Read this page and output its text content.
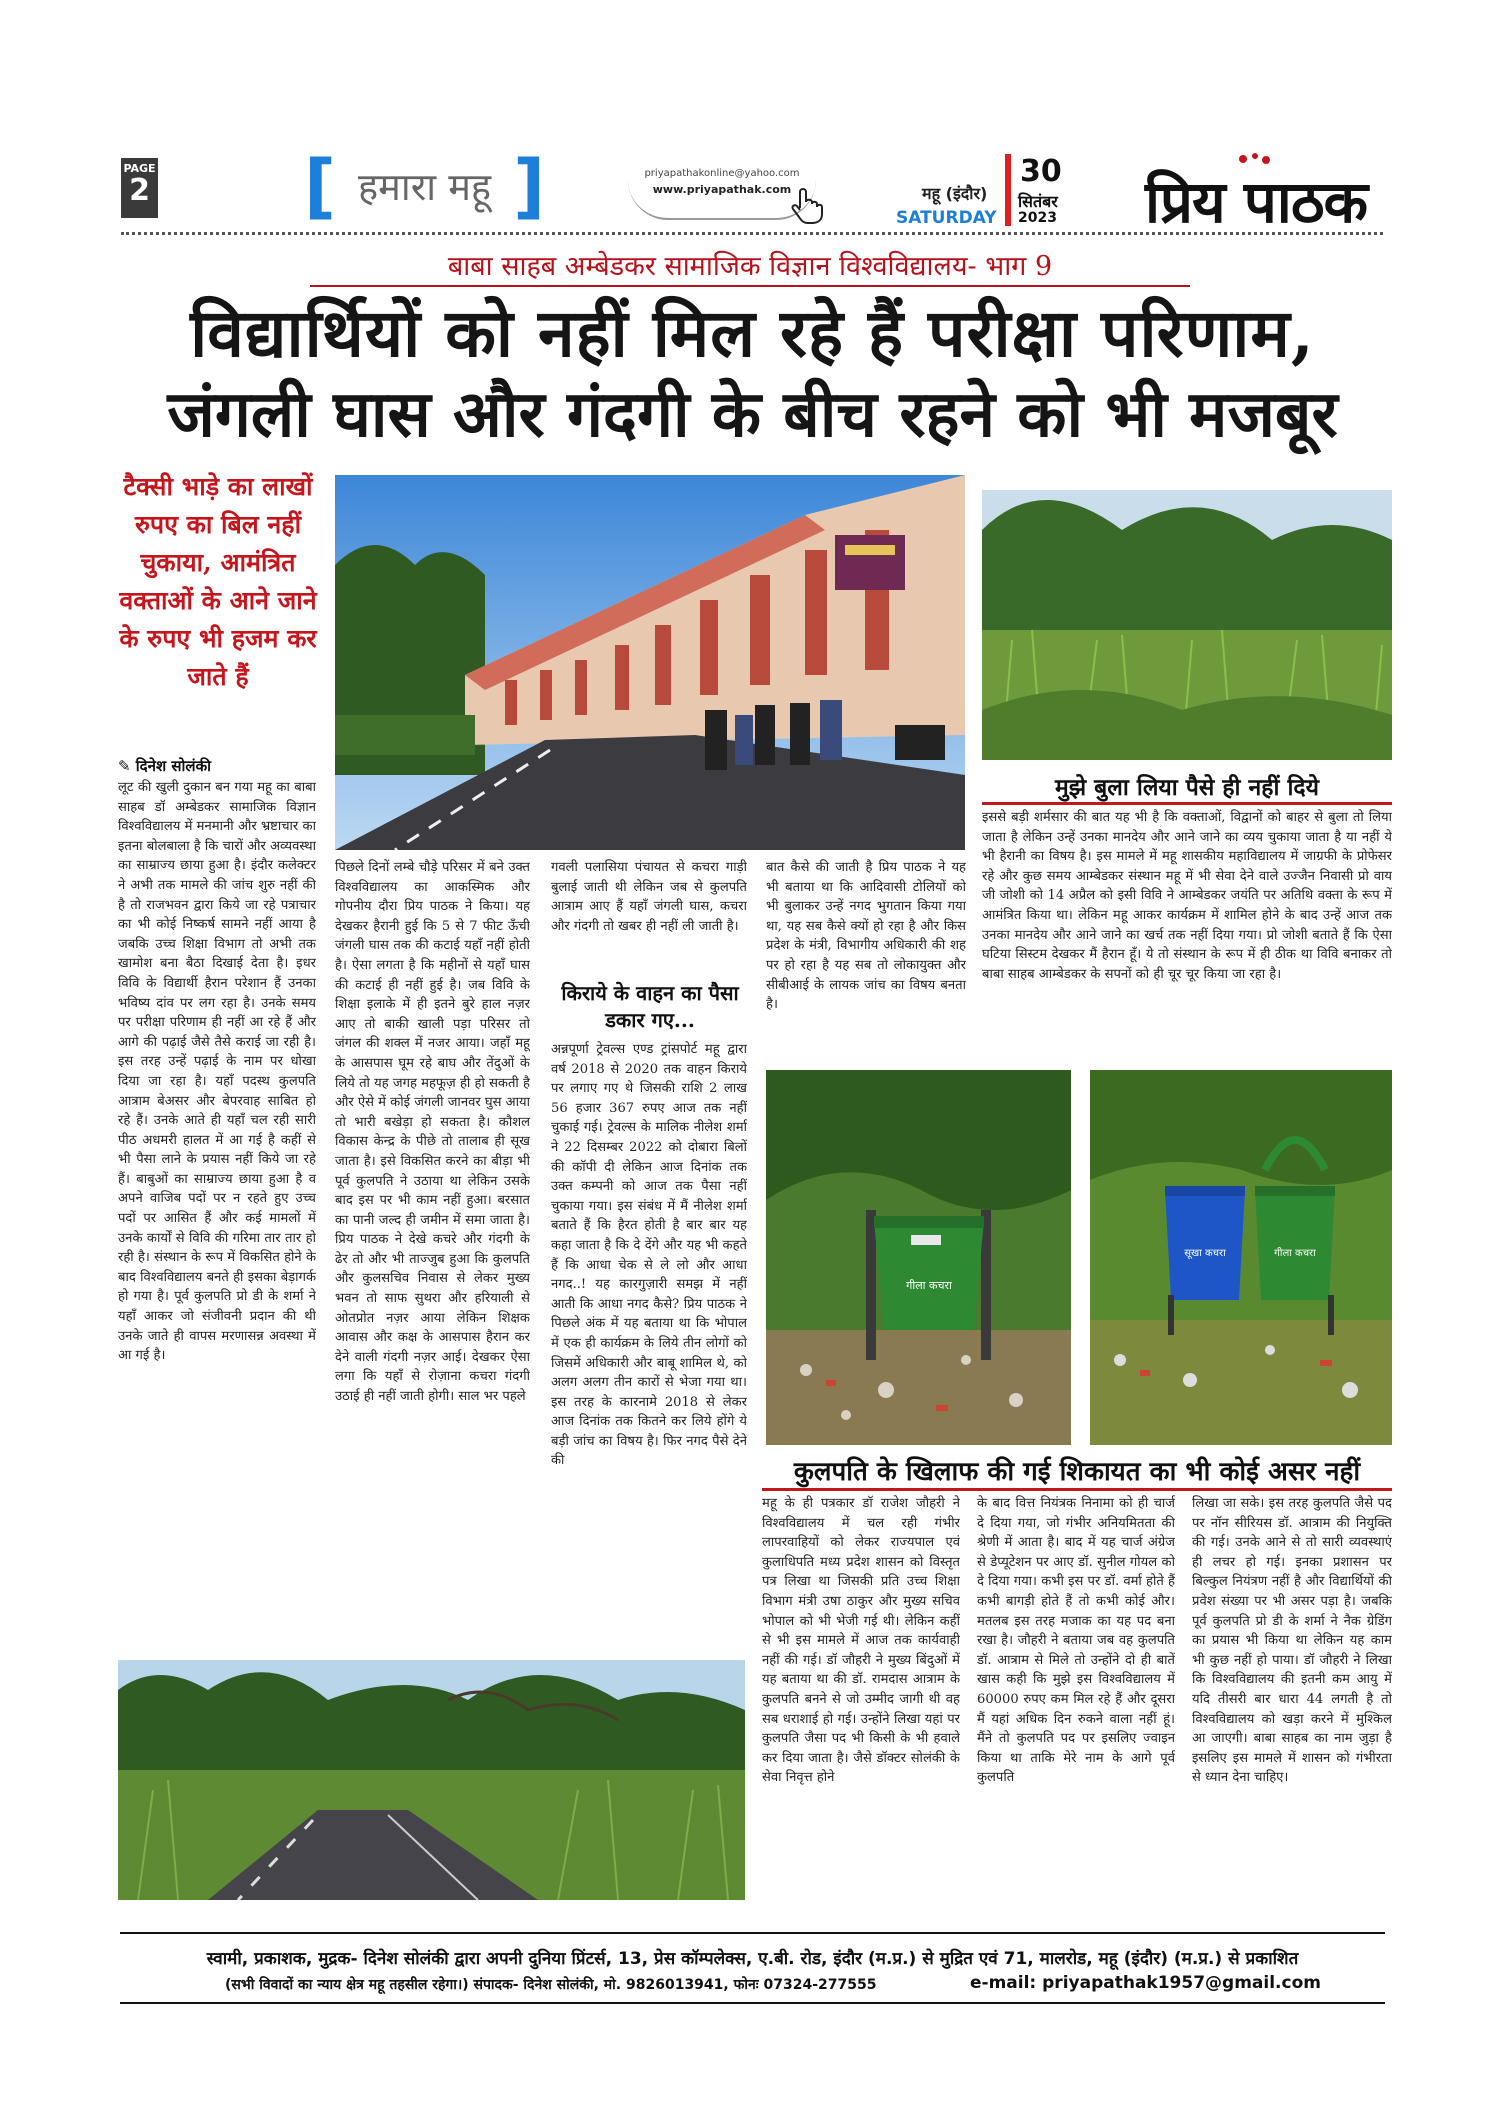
PAGE
2 [ हमारा महू ]	priyapathakonline@yahoo.com
www.priyapathak.com	महू (इंदौर)
SATURDAY
30
सितंबर
2023 प्रिय पाठक
बाबा साहब अम्बेडकर सामाजिक विज्ञान विश्वविद्यालय- भाग 9
विद्यार्थियों को नहीं मिल रहे हैं परीक्षा परिणाम,
जंगली घास और गंदगी के बीच रहने को भी मजबूर
टैक्सी भाड़े का लाखों रुपए का बिल नहीं चुकाया, आमंत्रित वक्ताओं के आने जाने के रुपए भी हजम कर जाते हैं
✎ दिनेश सोलंकी
लूट की खुली दुकान बन गया महू का बाबा साहब डॉ अम्बेडकर सामाजिक विज्ञान विश्वविद्यालय में मनमानी और भ्रष्टाचार का इतना बोलबाला है कि चारों और अव्यवस्था का साम्राज्य छाया हुआ है। इंदौर कलेक्टर ने अभी तक मामले की जांच शुरु नहीं की है तो राजभवन द्वारा किये जा रहे पत्राचार का भी कोई निष्कर्ष सामने नहीं आया है जबकि उच्च शिक्षा विभाग तो अभी तक खामोश बना बैठा दिखाई देता है। इधर विवि के विद्यार्थी हैरान परेशान हैं उनका भविष्य दांव पर लग रहा है। उनके समय पर परीक्षा परिणाम ही नहीं आ रहे हैं और आगे की पढ़ाई जैसे तैसे कराई जा रही है। इस तरह उन्हें पढ़ाई के नाम पर धोखा दिया जा रहा है। यहाँ पदस्थ कुलपति आत्राम बेअसर और बेपरवाह साबित हो रहे हैं। उनके आते ही यहाँ चल रही सारी पीठ अधमरी हालत में आ गई है कहीं से भी पैसा लाने के प्रयास नहीं किये जा रहे हैं। बाबुओं का साम्राज्य छाया हुआ है व अपने वाजिब पदों पर न रहते हुए उच्च पदों पर आसित हैं और कई मामलों में उनके कार्यों से विवि की गरिमा तार तार हो रही है। संस्थान के रूप में विकसित होने के बाद विश्वविद्यालय बनते ही इसका बेड़ागर्क हो गया है। पूर्व कुलपति प्रो डी के शर्मा ने यहाँ आकर जो संजीवनी प्रदान की थी उनके जाते ही वापस मरणासन्न अवस्था में आ गई है।
पिछले दिनों लम्बे चौड़े परिसर में बने उक्त विश्वविद्यालय का आकस्मिक और गोपनीय दौरा प्रिय पाठक ने किया। यह देखकर हैरानी हुई कि 5 से 7 फीट ऊँची जंगली घास तक की कटाई यहाँ नहीं होती है। ऐसा लगता है कि महीनों से यहाँ घास की कटाई ही नहीं हुई है। जब विवि के शिक्षा इलाके में ही इतने बुरे हाल नज़र आए तो बाकी खाली पड़ा परिसर तो जंगल की शक्ल में नजर आया। जहाँ महू के आसपास घूम रहे बाघ और तेंदुओं के लिये तो यह जगह महफूज़ ही हो सकती है और ऐसे में कोई जंगली जानवर घुस आया तो भारी बखेड़ा हो सकता है। कौशल विकास केन्द्र के पीछे तो तालाब ही सूख जाता है। इसे विकसित करने का बीड़ा भी पूर्व कुलपति ने उठाया था लेकिन उसके बाद इस पर भी काम नहीं हुआ। बरसात का पानी जल्द ही जमीन में समा जाता है। प्रिय पाठक ने देखे कचरे और गंदगी के ढेर तो और भी ताज्जुब हुआ कि कुलपति और कुलसचिव निवास से लेकर मुख्य भवन तो साफ सुथरा और हरियाली से ओतप्रोत नज़र आया लेकिन शिक्षक आवास और कक्ष के आसपास हैरान कर देने वाली गंदगी नज़र आई। देखकर ऐसा लगा कि यहाँ से रोज़ाना कचरा गंदगी उठाई ही नहीं जाती होगी। साल भर पहले
गवली पलासिया पंचायत से कचरा गाड़ी बुलाई जाती थी लेकिन जब से कुलपति आत्राम आए हैं यहाँ जंगली घास, कचरा और गंदगी तो खबर ही नहीं ली जाती है।
किराये के वाहन का पैसा डकार गए...
अन्नपूर्णा ट्रेवल्स एण्ड ट्रांसपोर्ट महू द्वारा वर्ष 2018 से 2020 तक वाहन किराये पर लगाए गए थे जिसकी राशि 2 लाख 56 हजार 367 रुपए आज तक नहीं चुकाई गई। ट्रेवल्स के मालिक नीलेश शर्मा ने 22 दिसम्बर 2022 को दोबारा बिलों की कॉपी दी लेकिन आज दिनांक तक उक्त कम्पनी को आज तक पैसा नहीं चुकाया गया। इस संबंध में मैं नीलेश शर्मा बताते हैं कि हैरत होती है बार बार यह कहा जाता है कि दे देंगे और यह भी कहते हैं कि आधा चेक से ले लो और आधा नगद..! यह कारगुज़ारी समझ में नहीं आती कि आधा नगद कैसे? प्रिय पाठक ने पिछले अंक में यह बताया था कि भोपाल में एक ही कार्यक्रम के लिये तीन लोगों को जिसमें अधिकारी और बाबू शामिल थे, को अलग अलग तीन कारों से भेजा गया था। इस तरह के कारनामे 2018 से लेकर आज दिनांक तक कितने कर लिये होंगे ये बड़ी जांच का विषय है। फिर नगद पैसे देने की
बात कैसे की जाती है प्रिय पाठक ने यह भी बताया था कि आदिवासी टोलियों को भी बुलाकर उन्हें नगद भुगतान किया गया था, यह सब कैसे क्यों हो रहा है और किस प्रदेश के मंत्री, विभागीय अधिकारी की शह पर हो रहा है यह सब तो लोकायुक्त और सीबीआई के लायक जांच का विषय बनता है।
मुझे बुला लिया पैसे ही नहीं दिये
इससे बड़ी शर्मसार की बात यह भी है कि वक्ताओं, विद्वानों को बाहर से बुला तो लिया जाता है लेकिन उन्हें उनका मानदेय और आने जाने का व्यय चुकाया जाता है या नहीं ये भी हैरानी का विषय है। इस मामले में महू शासकीय महाविद्यालय में जाग्रफी के प्रोफेसर रहे और कुछ समय आम्बेडकर संस्थान महू में भी सेवा देने वाले उज्जैन निवासी प्रो वाय जी जोशी को 14 अप्रैल को इसी विवि ने आम्बेडकर जयंति पर अतिथि वक्ता के रूप में आमंत्रित किया था। लेकिन महू आकर कार्यक्रम में शामिल होने के बाद उन्हें आज तक उनका मानदेय और आने जाने का खर्च तक नहीं दिया गया। प्रो जोशी बताते हैं कि ऐसा घटिया सिस्टम देखकर मैं हैरान हूँ। ये तो संस्थान के रूप में ही ठीक था विवि बनाकर तो बाबा साहब आम्बेडकर के सपनों को ही चूर चूर किया जा रहा है।
गीला कचरा
सूखा कचरा	गीला कचरा
कुलपति के खिलाफ की गई शिकायत का भी कोई असर नहीं
महू के ही पत्रकार डॉ राजेश जौहरी ने विश्वविद्यालय में चल रही गंभीर लापरवाहियों को लेकर राज्यपाल एवं कुलाधिपति मध्य प्रदेश शासन को विस्तृत पत्र लिखा था जिसकी प्रति उच्च शिक्षा विभाग मंत्री उषा ठाकुर और मुख्य सचिव भोपाल को भी भेजी गई थी। लेकिन कहीं से भी इस मामले में आज तक कार्यवाही नहीं की गई। डॉ जौहरी ने मुख्य बिंदुओं में यह बताया था की डॉ. रामदास आत्राम के कुलपति बनने से जो उम्मीद जागी थी वह सब धराशाई हो गई। उन्होंने लिखा यहां पर कुलपति जैसा पद भी किसी के भी हवाले कर दिया जाता है। जैसे डॉक्टर सोलंकी के सेवा निवृत्त होने
के बाद वित्त नियंत्रक निनामा को ही चार्ज दे दिया गया, जो गंभीर अनियमितता की श्रेणी में आता है। बाद में यह चार्ज अंग्रेज से डेप्यूटेशन पर आए डॉ. सुनील गोयल को दे दिया गया। कभी इस पर डॉ. वर्मा होते हैं कभी बागड़ी होते हैं तो कभी कोई और। मतलब इस तरह मजाक का यह पद बना रखा है। जौहरी ने बताया जब वह कुलपति डॉ. आत्राम से मिले तो उन्होंने दो ही बातें खास कही कि मुझे इस विश्वविद्यालय में 60000 रुपए कम मिल रहे हैं और दूसरा मैं यहां अधिक दिन रुकने वाला नहीं हूं। मैंने तो कुलपति पद पर इसलिए ज्वाइन किया था ताकि मेरे नाम के आगे पूर्व कुलपति
लिखा जा सके। इस तरह कुलपति जैसे पद पर नॉन सीरियस डॉ. आत्राम की नियुक्ति की गई। उनके आने से तो सारी व्यवस्थाएं ही लचर हो गई। इनका प्रशासन पर बिल्कुल नियंत्रण नहीं है और विद्यार्थियों की प्रवेश संख्या पर भी असर पड़ा है। जबकि पूर्व कुलपति प्रो डी के शर्मा ने नैक ग्रेडिंग का प्रयास भी किया था लेकिन यह काम भी कुछ नहीं हो पाया। डॉ जौहरी ने लिखा कि विश्वविद्यालय की इतनी कम आयु में यदि तीसरी बार धारा 44 लगती है तो विश्वविद्यालय को खड़ा करने में मुश्किल आ जाएगी। बाबा साहब का नाम जुड़ा है इसलिए इस मामले में शासन को गंभीरता से ध्यान देना चाहिए।
स्वामी, प्रकाशक, मुद्रक- दिनेश सोलंकी द्वारा अपनी दुनिया प्रिंटर्स, 13, प्रेस कॉम्पलेक्स, ए.बी. रोड, इंदौर (म.प्र.) से मुद्रित एवं 71, मालरोड, महू (इंदौर) (म.प्र.) से प्रकाशित
(सभी विवादों का न्याय क्षेत्र महू तहसील रहेगा।) संपादक- दिनेश सोलंकी, मो. 9826013941, फोनः 07324-277555	e-mail: priyapathak1957@gmail.com
